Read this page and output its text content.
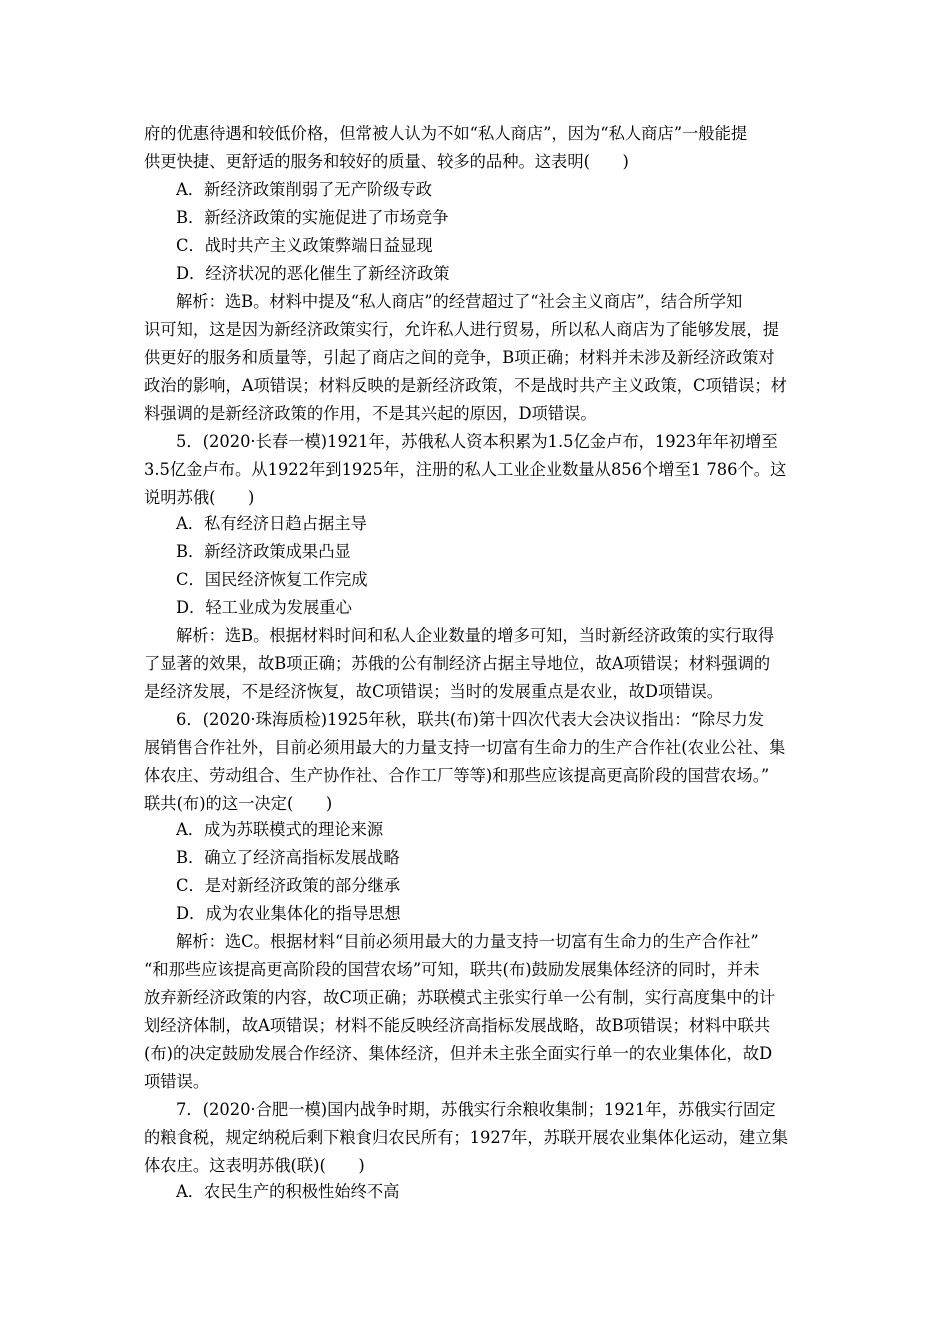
府的优惠待遇和较低价格，但常被人认为不如“私人商店”，因为“私人商店”一般能提
供更快捷、更舒适的服务和较好的质量、较多的品种。这表明(　　)
A．新经济政策削弱了无产阶级专政
B．新经济政策的实施促进了市场竞争
C．战时共产主义政策弊端日益显现
D．经济状况的恶化催生了新经济政策
解析：选B。材料中提及“私人商店”的经营超过了“社会主义商店”，结合所学知
识可知，这是因为新经济政策实行，允许私人进行贸易，所以私人商店为了能够发展，提
供更好的服务和质量等，引起了商店之间的竞争，B项正确；材料并未涉及新经济政策对
政治的影响，A项错误；材料反映的是新经济政策，不是战时共产主义政策，C项错误；材
料强调的是新经济政策的作用，不是其兴起的原因，D项错误。
5．(2020·长春一模)1921年，苏俄私人资本积累为1.5亿金卢布，1923年年初增至
3.5亿金卢布。从1922年到1925年，注册的私人工业企业数量从856个增至1 786个。这
说明苏俄(　　)
A．私有经济日趋占据主导
B．新经济政策成果凸显
C．国民经济恢复工作完成
D．轻工业成为发展重心
解析：选B。根据材料时间和私人企业数量的增多可知，当时新经济政策的实行取得
了显著的效果，故B项正确；苏俄的公有制经济占据主导地位，故A项错误；材料强调的
是经济发展，不是经济恢复，故C项错误；当时的发展重点是农业，故D项错误。
6．(2020·珠海质检)1925年秋，联共(布)第十四次代表大会决议指出：“除尽力发
展销售合作社外，目前必须用最大的力量支持一切富有生命力的生产合作社(农业公社、集
体农庄、劳动组合、生产协作社、合作工厂等等)和那些应该提高更高阶段的国营农场。”
联共(布)的这一决定(　　)
A．成为苏联模式的理论来源
B．确立了经济高指标发展战略
C．是对新经济政策的部分继承
D．成为农业集体化的指导思想
解析：选C。根据材料“目前必须用最大的力量支持一切富有生命力的生产合作社”
“和那些应该提高更高阶段的国营农场”可知，联共(布)鼓励发展集体经济的同时，并未
放弃新经济政策的内容，故C项正确；苏联模式主张实行单一公有制，实行高度集中的计
划经济体制，故A项错误；材料不能反映经济高指标发展战略，故B项错误；材料中联共
(布)的决定鼓励发展合作经济、集体经济，但并未主张全面实行单一的农业集体化，故D
项错误。
7．(2020·合肥一模)国内战争时期，苏俄实行余粮收集制；1921年，苏俄实行固定
的粮食税，规定纳税后剩下粮食归农民所有；1927年，苏联开展农业集体化运动，建立集
体农庄。这表明苏俄(联)(　　)
A．农民生产的积极性始终不高
